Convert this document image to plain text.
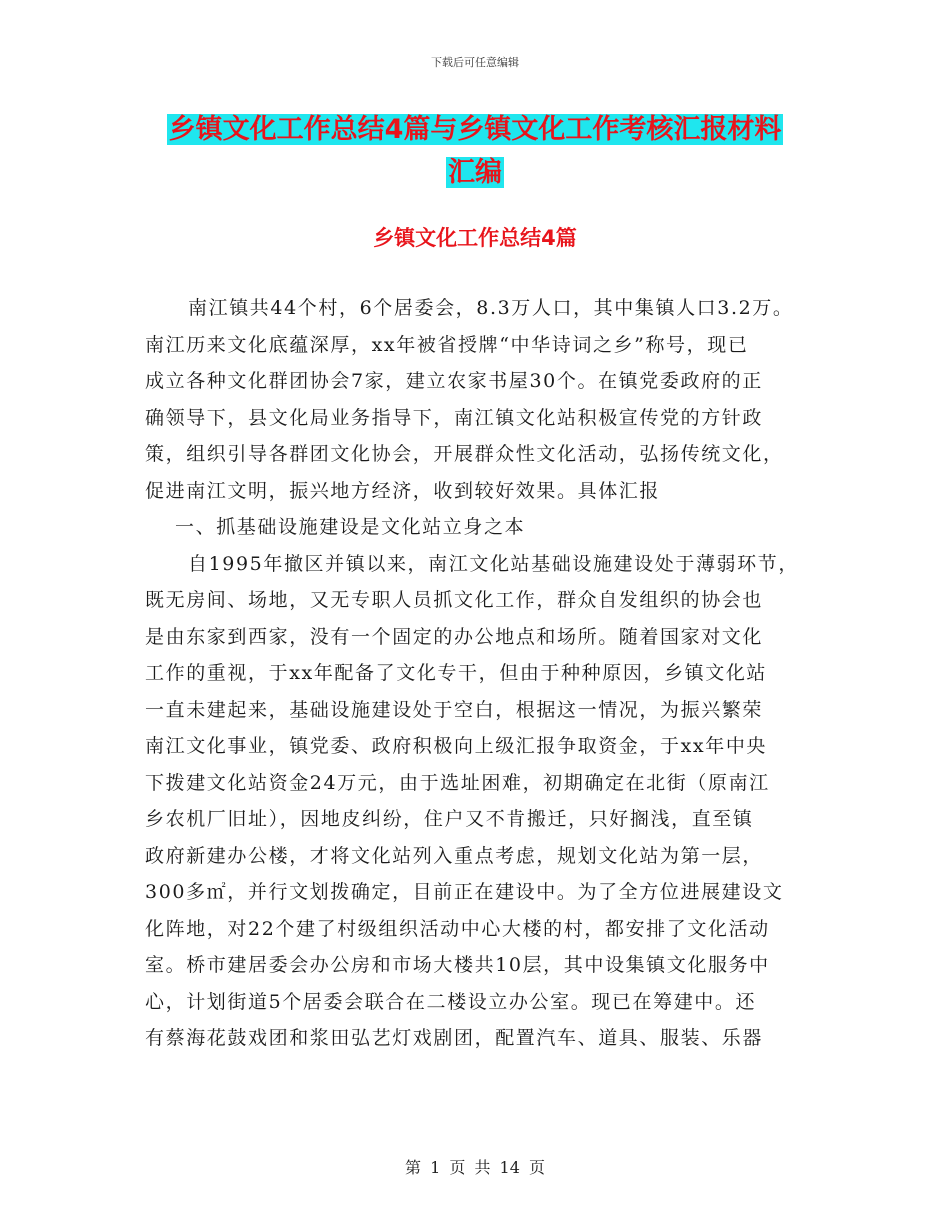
下载后可任意编辑
乡镇文化工作总结4篇与乡镇文化工作考核汇报材料
汇编
乡镇文化工作总结4篇
南江镇共44个村，6个居委会，8.3万人口，其中集镇人口3.2万。
南江历来文化底蕴深厚，xx年被省授牌“中华诗词之乡”称号，现已
成立各种文化群团协会7家，建立农家书屋30个。在镇党委政府的正
确领导下，县文化局业务指导下，南江镇文化站积极宣传党的方针政
策，组织引导各群团文化协会，开展群众性文化活动，弘扬传统文化，
促进南江文明，振兴地方经济，收到较好效果。具体汇报
一、抓基础设施建设是文化站立身之本
自1995年撤区并镇以来，南江文化站基础设施建设处于薄弱环节，
既无房间、场地，又无专职人员抓文化工作，群众自发组织的协会也
是由东家到西家，没有一个固定的办公地点和场所。随着国家对文化
工作的重视，于xx年配备了文化专干，但由于种种原因，乡镇文化站
一直未建起来，基础设施建设处于空白，根据这一情况，为振兴繁荣
南江文化事业，镇党委、政府积极向上级汇报争取资金，于xx年中央
下拨建文化站资金24万元，由于选址困难，初期确定在北街（原南江
乡农机厂旧址），因地皮纠纷，住户又不肯搬迁，只好搁浅，直至镇
政府新建办公楼，才将文化站列入重点考虑，规划文化站为第一层，
300多㎡，并行文划拨确定，目前正在建设中。为了全方位进展建设文
化阵地，对22个建了村级组织活动中心大楼的村，都安排了文化活动
室。桥市建居委会办公房和市场大楼共10层，其中设集镇文化服务中
心，计划街道5个居委会联合在二楼设立办公室。现已在筹建中。还
有蔡海花鼓戏团和浆田弘艺灯戏剧团，配置汽车、道具、服装、乐器
第 1 页 共 14 页
